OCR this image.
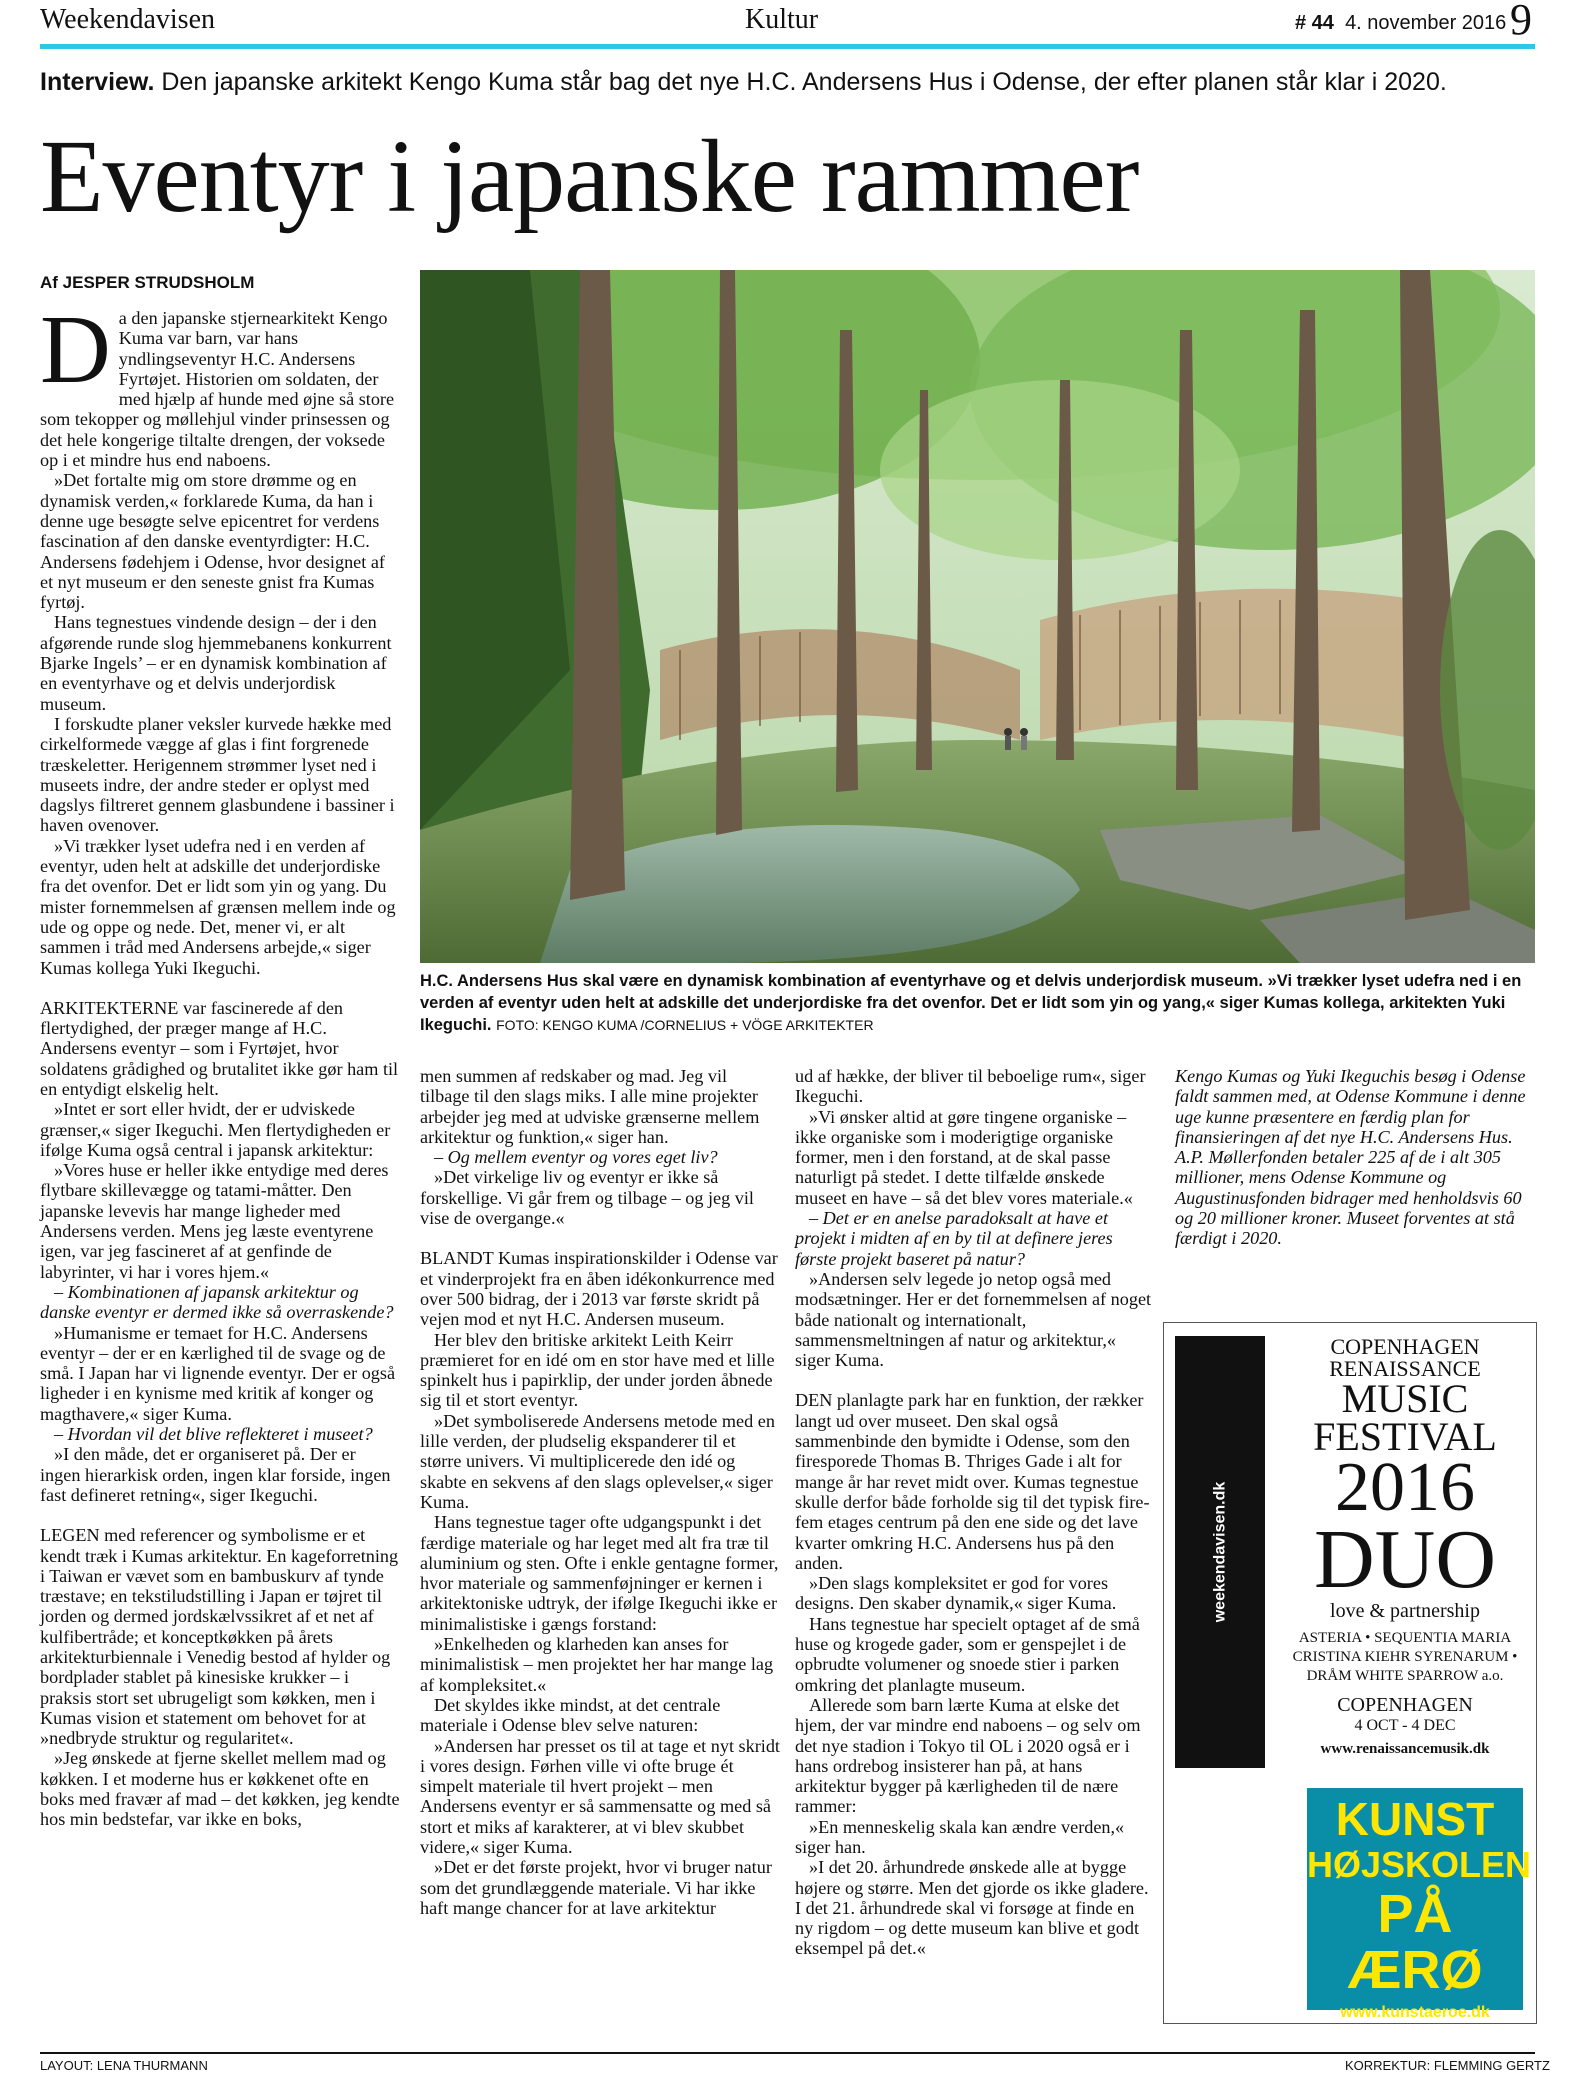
Weekendavisen	Kultur	# 44 4. november 2016 9
Interview. Den japanske arkitekt Kengo Kuma står bag det nye H.C. Andersens Hus i Odense, der efter planen står klar i 2020.
Eventyr i japanske rammer
Af JESPER STRUDSHOLM

Da den japanske stjernearkitekt Kengo Kuma var barn, var hans yndlingseventyr H.C. Andersens Fyrtøjet. Historien om soldaten, der med hjælp af hunde med øjne så store som tekopper og møllehjul vinder prinsessen og det hele kongerige tiltalte drengen, der voksede op i et mindre hus end naboens.

»Det fortalte mig om store drømme og en dynamisk verden,« forklarede Kuma, da han i denne uge besøgte selve epicentret for verdens fascination af den danske eventyrdigter: H.C. Andersens fødehjem i Odense, hvor designet af et nyt museum er den seneste gnist fra Kumas fyrtøj.

Hans tegnestues vindende design – der i den afgørende runde slog hjemmebanens konkurrent Bjarke Ingels’ – er en dynamisk kombination af en eventyrhave og et delvis underjordisk museum.

I forskudte planer veksler kurvede hække med cirkelformede vægge af glas i fint forgrenede træskeletter. Herigennem strømmer lyset ned i museets indre, der andre steder er oplyst med dagslys filtreret gennem glasbundene i bassiner i haven ovenover.

»Vi trækker lyset udefra ned i en verden af eventyr, uden helt at adskille det underjordiske fra det ovenfor. Det er lidt som yin og yang. Du mister fornemmelsen af grænsen mellem inde og ude og oppe og nede. Det, mener vi, er alt sammen i tråd med Andersens arbejde,« siger Kumas kollega Yuki Ikeguchi.

ARKITEKTERNE var fascinerede af den flertydighed, der præger mange af H.C. Andersens eventyr – som i Fyrtøjet, hvor soldatens grådighed og brutalitet ikke gør ham til en entydigt elskelig helt.

»Intet er sort eller hvidt, der er udviskede grænser,« siger Ikeguchi. Men flertydigheden er ifølge Kuma også central i japansk arkitektur:

»Vores huse er heller ikke entydige med deres flytbare skillevægge og tatami-måtter. Den japanske levevis har mange ligheder med Andersens verden. Mens jeg læste eventyrene igen, var jeg fascineret af at genfinde de labyrinter, vi har i vores hjem.«

– Kombinationen af japansk arkitektur og danske eventyr er dermed ikke så overraskende?

»Humanisme er temaet for H.C. Andersens eventyr – der er en kærlighed til de svage og de små. I Japan har vi lignende eventyr. Der er også ligheder i en kynisme med kritik af konger og magthavere,« siger Kuma.

– Hvordan vil det blive reflekteret i museet?

»I den måde, det er organiseret på. Der er ingen hierarkisk orden, ingen klar forside, ingen fast defineret retning«, siger Ikeguchi.

LEGEN med referencer og symbolisme er et kendt træk i Kumas arkitektur. En kageforretning i Taiwan er vævet som en bambuskurv af tynde træstave; en tekstiludstilling i Japan er tøjret til jorden og dermed jordskælvssikret af et net af kulfibertråde; et konceptkøkken på årets arkitekturbiennale i Venedig bestod af hylder og bordplader stablet på kinesiske krukker – i praksis stort set ubrugeligt som køkken, men i Kumas vision et statement om behovet for at »nedbryde struktur og regularitet«.

»Jeg ønskede at fjerne skellet mellem mad og køkken. I et moderne hus er køkkenet ofte en boks med fravær af mad – det køkken, jeg kendte hos min bedstefar, var ikke en boks,

H.C. Andersens Hus skal være en dynamisk kombination af eventyrhave og et delvis underjordisk museum. »Vi trækker lyset udefra ned i en verden af eventyr uden helt at adskille det underjordiske fra det ovenfor. Det er lidt som yin og yang,« siger Kumas kollega, arkitekten Yuki Ikeguchi. FOTO: KENGO KUMA /CORNELIUS + VÖGE ARKITEKTER

men summen af redskaber og mad. Jeg vil tilbage til den slags miks. I alle mine projekter arbejder jeg med at udviske grænserne mellem arkitektur og funktion,« siger han.

– Og mellem eventyr og vores eget liv?

»Det virkelige liv og eventyr er ikke så forskellige. Vi går frem og tilbage – og jeg vil vise de overgange.«

BLANDT Kumas inspirationskilder i Odense var et vinderprojekt fra en åben idékonkurrence med over 500 bidrag, der i 2013 var første skridt på vejen mod et nyt H.C. Andersen museum.

Her blev den britiske arkitekt Leith Keirr præmieret for en idé om en stor have med et lille spinkelt hus i papirklip, der under jorden åbnede sig til et stort eventyr.

»Det symboliserede Andersens metode med en lille verden, der pludselig ekspanderer til et større univers. Vi multiplicerede den idé og skabte en sekvens af den slags oplevelser,« siger Kuma.

Hans tegnestue tager ofte udgangspunkt i det færdige materiale og har leget med alt fra træ til aluminium og sten. Ofte i enkle gentagne former, hvor materiale og sammenføjninger er kernen i arkitektoniske udtryk, der ifølge Ikeguchi ikke er minimalistiske i gængs forstand:

»Enkelheden og klarheden kan anses for minimalistisk – men projektet her har mange lag af kompleksitet.«

Det skyldes ikke mindst, at det centrale materiale i Odense blev selve naturen:

»Andersen har presset os til at tage et nyt skridt i vores design. Førhen ville vi ofte bruge ét simpelt materiale til hvert projekt – men Andersens eventyr er så sammensatte og med så stort et miks af karakterer, at vi blev skubbet videre,« siger Kuma.

»Det er det første projekt, hvor vi bruger natur som det grundlæggende materiale. Vi har ikke haft mange chancer for at lave arkitektur

ud af hække, der bliver til beboelige rum«, siger Ikeguchi.

»Vi ønsker altid at gøre tingene organiske – ikke organiske som i moderigtige organiske former, men i den forstand, at de skal passe naturligt på stedet. I dette tilfælde ønskede museet en have – så det blev vores materiale.«

– Det er en anelse paradoksalt at have et projekt i midten af en by til at definere jeres første projekt baseret på natur?

»Andersen selv legede jo netop også med modsætninger. Her er det fornemmelsen af noget både nationalt og internationalt, sammensmeltningen af natur og arkitektur,« siger Kuma.

DEN planlagte park har en funktion, der rækker langt ud over museet. Den skal også sammenbinde den bymidte i Odense, som den firesporede Thomas B. Thriges Gade i alt for mange år har revet midt over. Kumas tegnestue skulle derfor både forholde sig til det typisk fire-fem etages centrum på den ene side og det lave kvarter omkring H.C. Andersens hus på den anden.

»Den slags kompleksitet er god for vores designs. Den skaber dynamik,« siger Kuma.

Hans tegnestue har specielt optaget af de små huse og krogede gader, som er genspejlet i de opbrudte volumener og snoede stier i parken omkring det planlagte museum.

Allerede som barn lærte Kuma at elske det hjem, der var mindre end naboens – og selv om det nye stadion i Tokyo til OL i 2020 også er i hans ordrebog insisterer han på, at hans arkitektur bygger på kærligheden til de nære rammer:

»En menneskelig skala kan ændre verden,« siger han.

»I det 20. århundrede ønskede alle at bygge højere og større. Men det gjorde os ikke gladere. I det 21. århundrede skal vi forsøge at finde en ny rigdom – og dette museum kan blive et godt eksempel på det.«

Kengo Kumas og Yuki Ikeguchis besøg i Odense faldt sammen med, at Odense Kommune i denne uge kunne præsentere en færdig plan for finansieringen af det nye H.C. Andersens Hus. A.P. Møllerfonden betaler 225 af de i alt 305 millioner, mens Odense Kommune og Augustinusfonden bidrager med henholdsvis 60 og 20 millioner kroner. Museet forventes at stå færdigt i 2020.
weekendavisen.dk
COPENHAGEN
RENAISSANCE
MUSIC
FESTIVAL
2016
DUO
love & partnership
ASTERIA • SEQUENTIA MARIA CRISTINA KIEHR SYRENARUM • DRÅM WHITE SPARROW a.o.
COPENHAGEN
4 OCT - 4 DEC
www.renaissancemusik.dk
KUNST
HØJSKOLEN
PÅ ÆRØ
www.kunstaeroe.dk
LAYOUT: LENA THURMANN	KORREKTUR: FLEMMING GERTZ
